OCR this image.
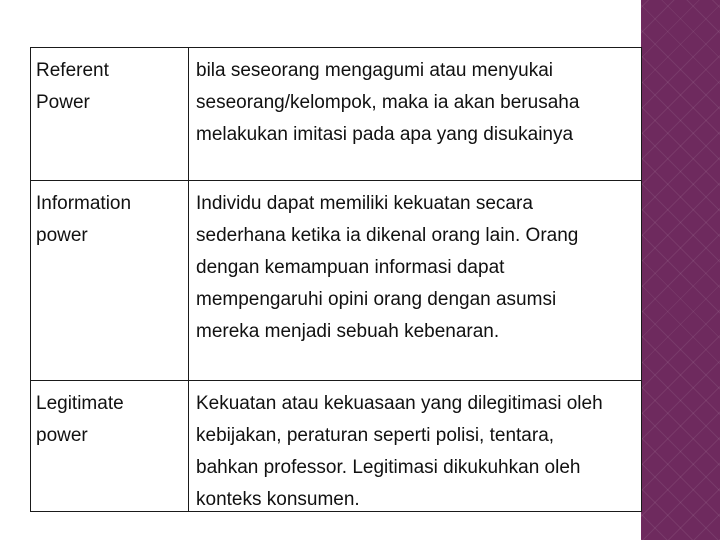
Referent
Power
bila seseorang mengagumi atau menyukai
seseorang/kelompok, maka ia akan berusaha
melakukan imitasi pada apa yang disukainya
Information
power
Individu dapat memiliki kekuatan secara
sederhana ketika ia dikenal orang lain. Orang
dengan kemampuan informasi dapat
mempengaruhi opini orang dengan asumsi
mereka menjadi sebuah kebenaran.
Legitimate
power
Kekuatan atau kekuasaan yang dilegitimasi oleh
kebijakan, peraturan seperti polisi, tentara,
bahkan professor. Legitimasi dikukuhkan oleh
konteks konsumen.
